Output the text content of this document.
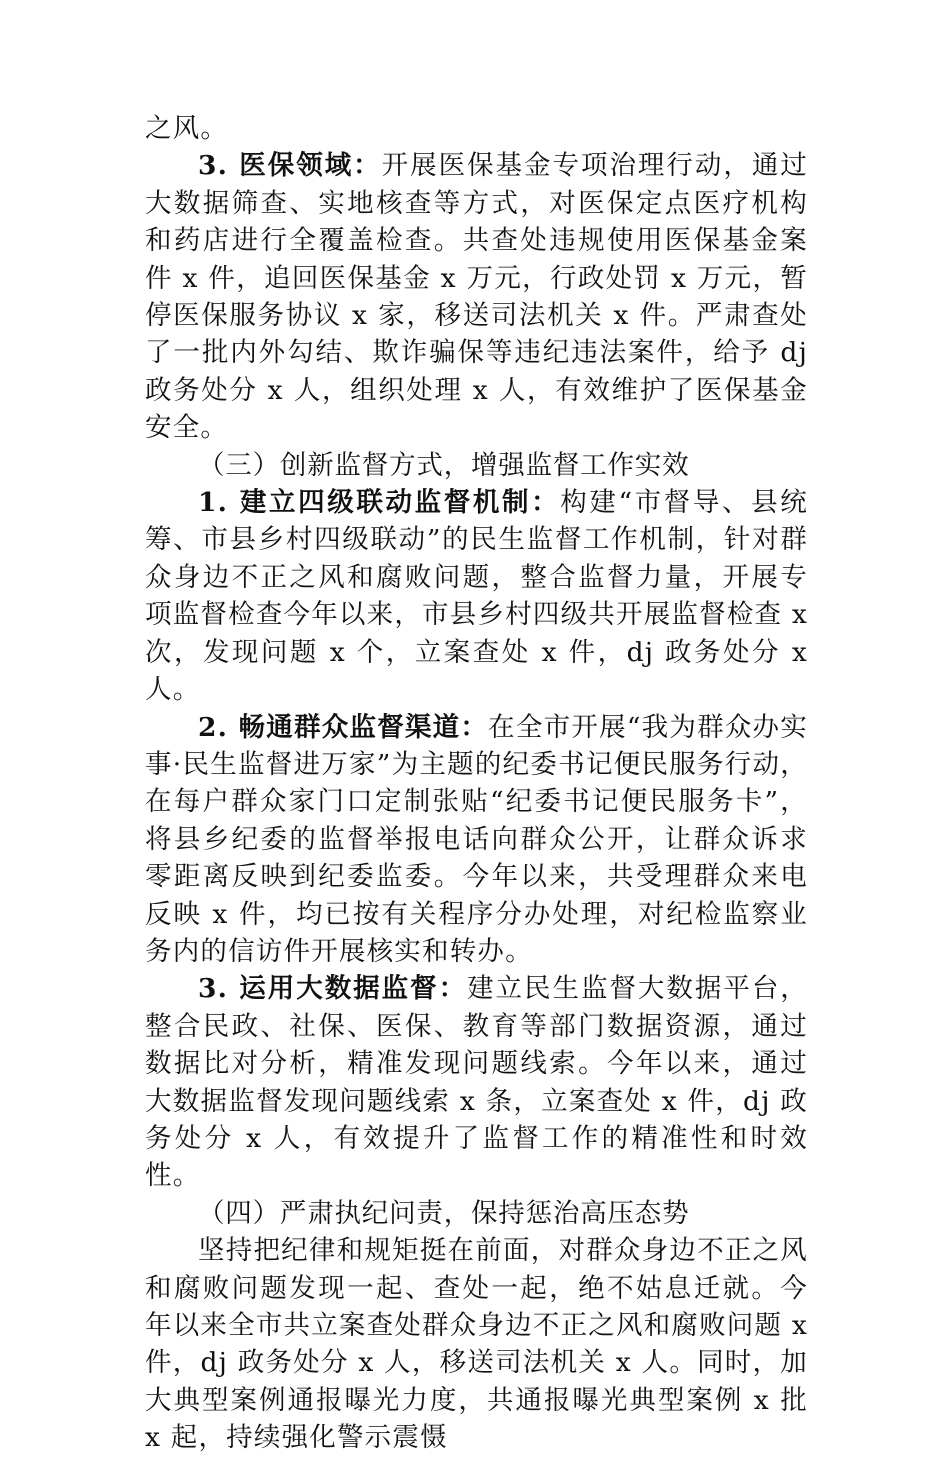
之风。

3. 医保领域：开展医保基金专项治理行动，通过大数据筛查、实地核查等方式，对医保定点医疗机构和药店进行全覆盖检查。共查处违规使用医保基金案件 x 件，追回医保基金 x 万元，行政处罚 x 万元，暂停医保服务协议 x 家，移送司法机关 x 件。严肃查处了一批内外勾结、欺诈骗保等违纪违法案件，给予 dj 政务处分 x 人，组织处理 x 人，有效维护了医保基金安全。

（三）创新监督方式，增强监督工作实效

1. 建立四级联动监督机制：构建“市督导、县统筹、市县乡村四级联动”的民生监督工作机制，针对群众身边不正之风和腐败问题，整合监督力量，开展专项监督检查今年以来，市县乡村四级共开展监督检查 x 次，发现问题 x 个，立案查处 x 件，dj 政务处分 x 人。

2. 畅通群众监督渠道：在全市开展“我为群众办实事·民生监督进万家”为主题的纪委书记便民服务行动，在每户群众家门口定制张贴“纪委书记便民服务卡”，将县乡纪委的监督举报电话向群众公开，让群众诉求零距离反映到纪委监委。今年以来，共受理群众来电反映 x 件，均已按有关程序分办处理，对纪检监察业务内的信访件开展核实和转办。

3. 运用大数据监督：建立民生监督大数据平台，整合民政、社保、医保、教育等部门数据资源，通过数据比对分析，精准发现问题线索。今年以来，通过大数据监督发现问题线索 x 条，立案查处 x 件，dj 政务处分 x 人，有效提升了监督工作的精准性和时效性。

（四）严肃执纪问责，保持惩治高压态势

坚持把纪律和规矩挺在前面，对群众身边不正之风和腐败问题发现一起、查处一起，绝不姑息迁就。今年以来全市共立案查处群众身边不正之风和腐败问题 x 件，dj 政务处分 x 人，移送司法机关 x 人。同时，加大典型案例通报曝光力度，共通报曝光典型案例 x 批 x 起，持续强化警示震慑
